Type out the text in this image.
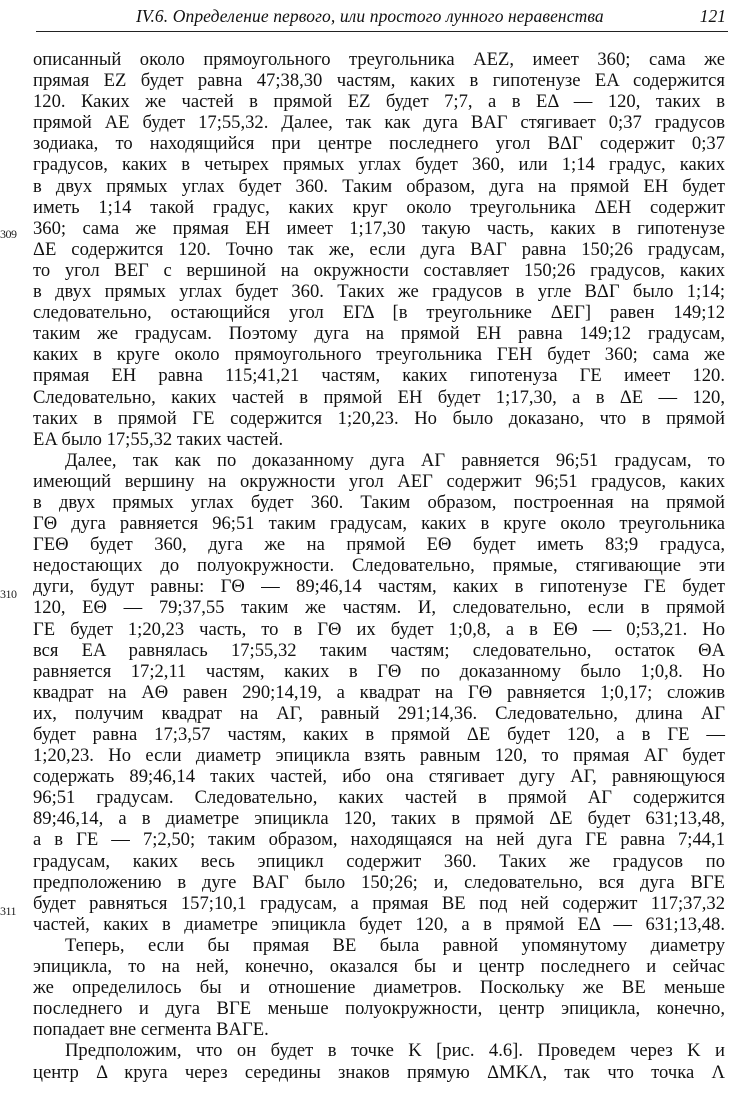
IV.6. Определение первого, или простого лунного неравенства	121
309
310
311
описанный около прямоугольного треугольника AEZ, имеет 360; сама же
прямая EZ будет равна 47;38,30 частям, каких в гипотенузе EA содержится
120. Каких же частей в прямой EZ будет 7;7, а в EΔ — 120, таких в
прямой AE будет 17;55,32. Далее, так как дуга BAΓ стягивает 0;37 градусов
зодиака, то находящийся при центре последнего угол BΔΓ содержит 0;37
градусов, каких в четырех прямых углах будет 360, или 1;14 градус, каких
в двух прямых углах будет 360. Таким образом, дуга на прямой EH будет
иметь 1;14 такой градус, каких круг около треугольника ΔEH содержит
360; сама же прямая EH имеет 1;17,30 такую часть, каких в гипотенузе
ΔE содержится 120. Точно так же, если дуга BAΓ равна 150;26 градусам,
то угол BEΓ с вершиной на окружности составляет 150;26 градусов, каких
в двух прямых углах будет 360. Таких же градусов в угле BΔΓ было 1;14;
следовательно, остающийся угол EΓΔ [в треугольнике ΔEΓ] равен 149;12
таким же градусам. Поэтому дуга на прямой EH равна 149;12 градусам,
каких в круге около прямоугольного треугольника ΓEH будет 360; сама же
прямая EH равна 115;41,21 частям, каких гипотенуза ΓE имеет 120.
Следовательно, каких частей в прямой EH будет 1;17,30, а в ΔE — 120,
таких в прямой ΓE содержится 1;20,23. Но было доказано, что в прямой
EA было 17;55,32 таких частей.
Далее, так как по доказанному дуга AΓ равняется 96;51 градусам, то
имеющий вершину на окружности угол AEΓ содержит 96;51 градусов, каких
в двух прямых углах будет 360. Таким образом, построенная на прямой
ΓΘ дуга равняется 96;51 таким градусам, каких в круге около треугольника
ΓEΘ будет 360, дуга же на прямой EΘ будет иметь 83;9 градуса,
недостающих до полуокружности. Следовательно, прямые, стягивающие эти
дуги, будут равны: ΓΘ — 89;46,14 частям, каких в гипотенузе ΓE будет
120, EΘ — 79;37,55 таким же частям. И, следовательно, если в прямой
ΓE будет 1;20,23 часть, то в ΓΘ их будет 1;0,8, а в EΘ — 0;53,21. Но
вся EA равнялась 17;55,32 таким частям; следовательно, остаток ΘA
равняется 17;2,11 частям, каких в ΓΘ по доказанному было 1;0,8. Но
квадрат на AΘ равен 290;14,19, а квадрат на ΓΘ равняется 1;0,17; сложив
их, получим квадрат на AΓ, равный 291;14,36. Следовательно, длина AΓ
будет равна 17;3,57 частям, каких в прямой ΔE будет 120, а в ΓE —
1;20,23. Но если диаметр эпицикла взять равным 120, то прямая AΓ будет
содержать 89;46,14 таких частей, ибо она стягивает дугу AΓ, равняющуюся
96;51 градусам. Следовательно, каких частей в прямой AΓ содержится
89;46,14, а в диаметре эпицикла 120, таких в прямой ΔE будет 631;13,48,
а в ΓE — 7;2,50; таким образом, находящаяся на ней дуга ΓE равна 7;44,1
градусам, каких весь эпицикл содержит 360. Таких же градусов по
предположению в дуге BAΓ было 150;26; и, следовательно, вся дуга BΓE
будет равняться 157;10,1 градусам, а прямая BE под ней содержит 117;37,32
частей, каких в диаметре эпицикла будет 120, а в прямой EΔ — 631;13,48.
Теперь, если бы прямая BE была равной упомянутому диаметру
эпицикла, то на ней, конечно, оказался бы и центр последнего и сейчас
же определилось бы и отношение диаметров. Поскольку же BE меньше
последнего и дуга BΓE меньше полуокружности, центр эпицикла, конечно,
попадает вне сегмента BAΓE.
Предположим, что он будет в точке K [рис. 4.6]. Проведем через K и
центр Δ круга через середины знаков прямую ΔMKΛ, так что точка Λ
